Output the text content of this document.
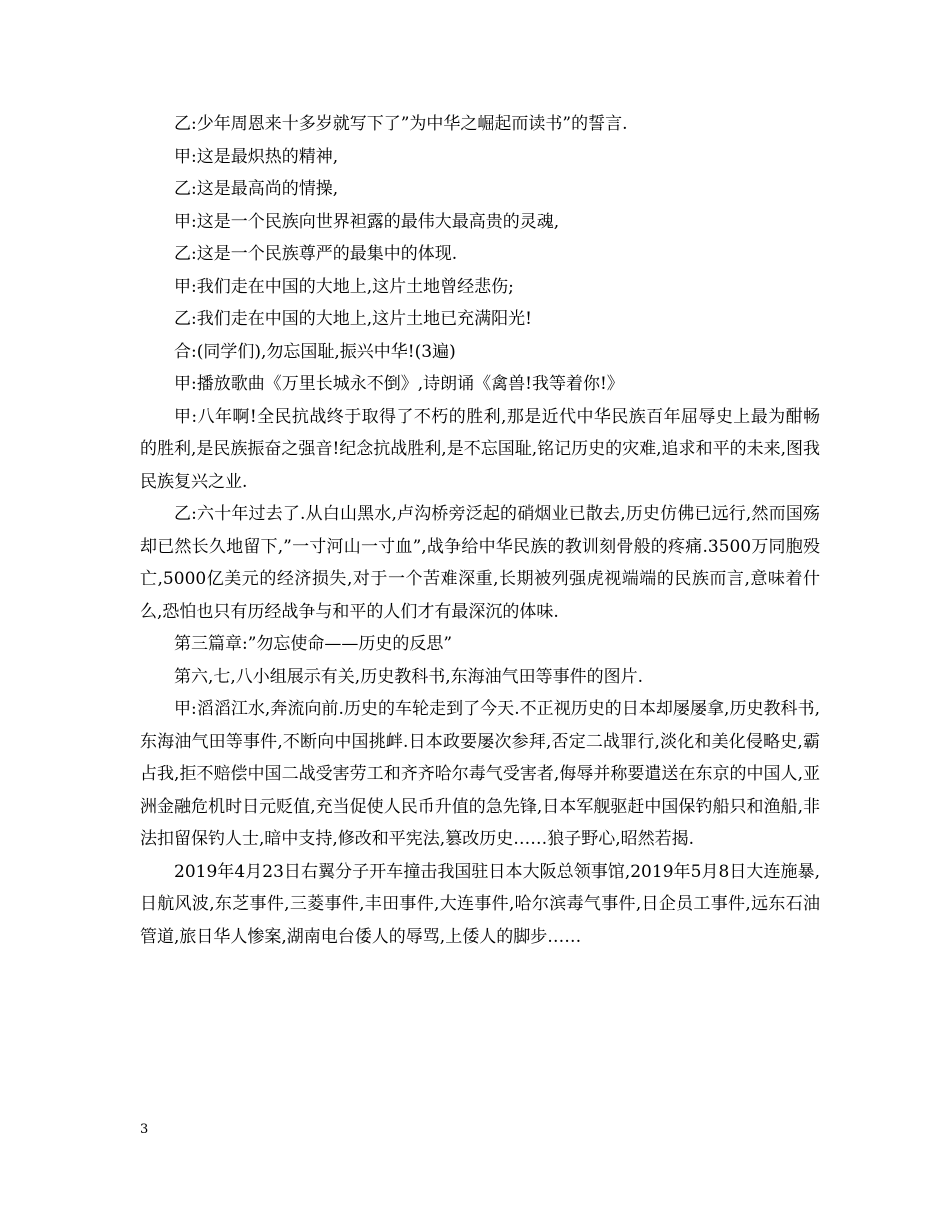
乙:少年周恩来十多岁就写下了”为中华之崛起而读书”的誓言.

甲:这是最炽热的精神,

乙:这是最高尚的情操,

甲:这是一个民族向世界袒露的最伟大最高贵的灵魂,

乙:这是一个民族尊严的最集中的体现.

甲:我们走在中国的大地上,这片土地曾经悲伤;

乙:我们走在中国的大地上,这片土地已充满阳光!

合:(同学们),勿忘国耻,振兴中华!(3遍)

甲:播放歌曲《万里长城永不倒》,诗朗诵《禽兽!我等着你!》

甲:八年啊!全民抗战终于取得了不朽的胜利,那是近代中华民族百年屈辱史上最为酣畅的胜利,是民族振奋之强音!纪念抗战胜利,是不忘国耻,铭记历史的灾难,追求和平的未来,图我民族复兴之业.

乙:六十年过去了.从白山黑水,卢沟桥旁泛起的硝烟业已散去,历史仿佛已远行,然而国殇却已然长久地留下,”一寸河山一寸血”,战争给中华民族的教训刻骨般的疼痛.3500万同胞殁亡,5000亿美元的经济损失,对于一个苦难深重,长期被列强虎视端端的民族而言,意味着什么,恐怕也只有历经战争与和平的人们才有最深沉的体味.

第三篇章:”勿忘使命——历史的反思”

第六,七,八小组展示有关,历史教科书,东海油气田等事件的图片.

甲:滔滔江水,奔流向前.历史的车轮走到了今天.不正视历史的日本却屡屡拿,历史教科书,东海油气田等事件,不断向中国挑衅.日本政要屡次参拜,否定二战罪行,淡化和美化侵略史,霸占我,拒不赔偿中国二战受害劳工和齐齐哈尔毒气受害者,侮辱并称要遣送在东京的中国人,亚洲金融危机时日元贬值,充当促使人民币升值的急先锋,日本军舰驱赶中国保钓船只和渔船,非法扣留保钓人士,暗中支持,修改和平宪法,篡改历史……狼子野心,昭然若揭.

2019年4月23日右翼分子开车撞击我国驻日本大阪总领事馆,2019年5月8日大连施暴,日航风波,东芝事件,三菱事件,丰田事件,大连事件,哈尔滨毒气事件,日企员工事件,远东石油管道,旅日华人惨案,湖南电台倭人的辱骂,上倭人的脚步……

3
